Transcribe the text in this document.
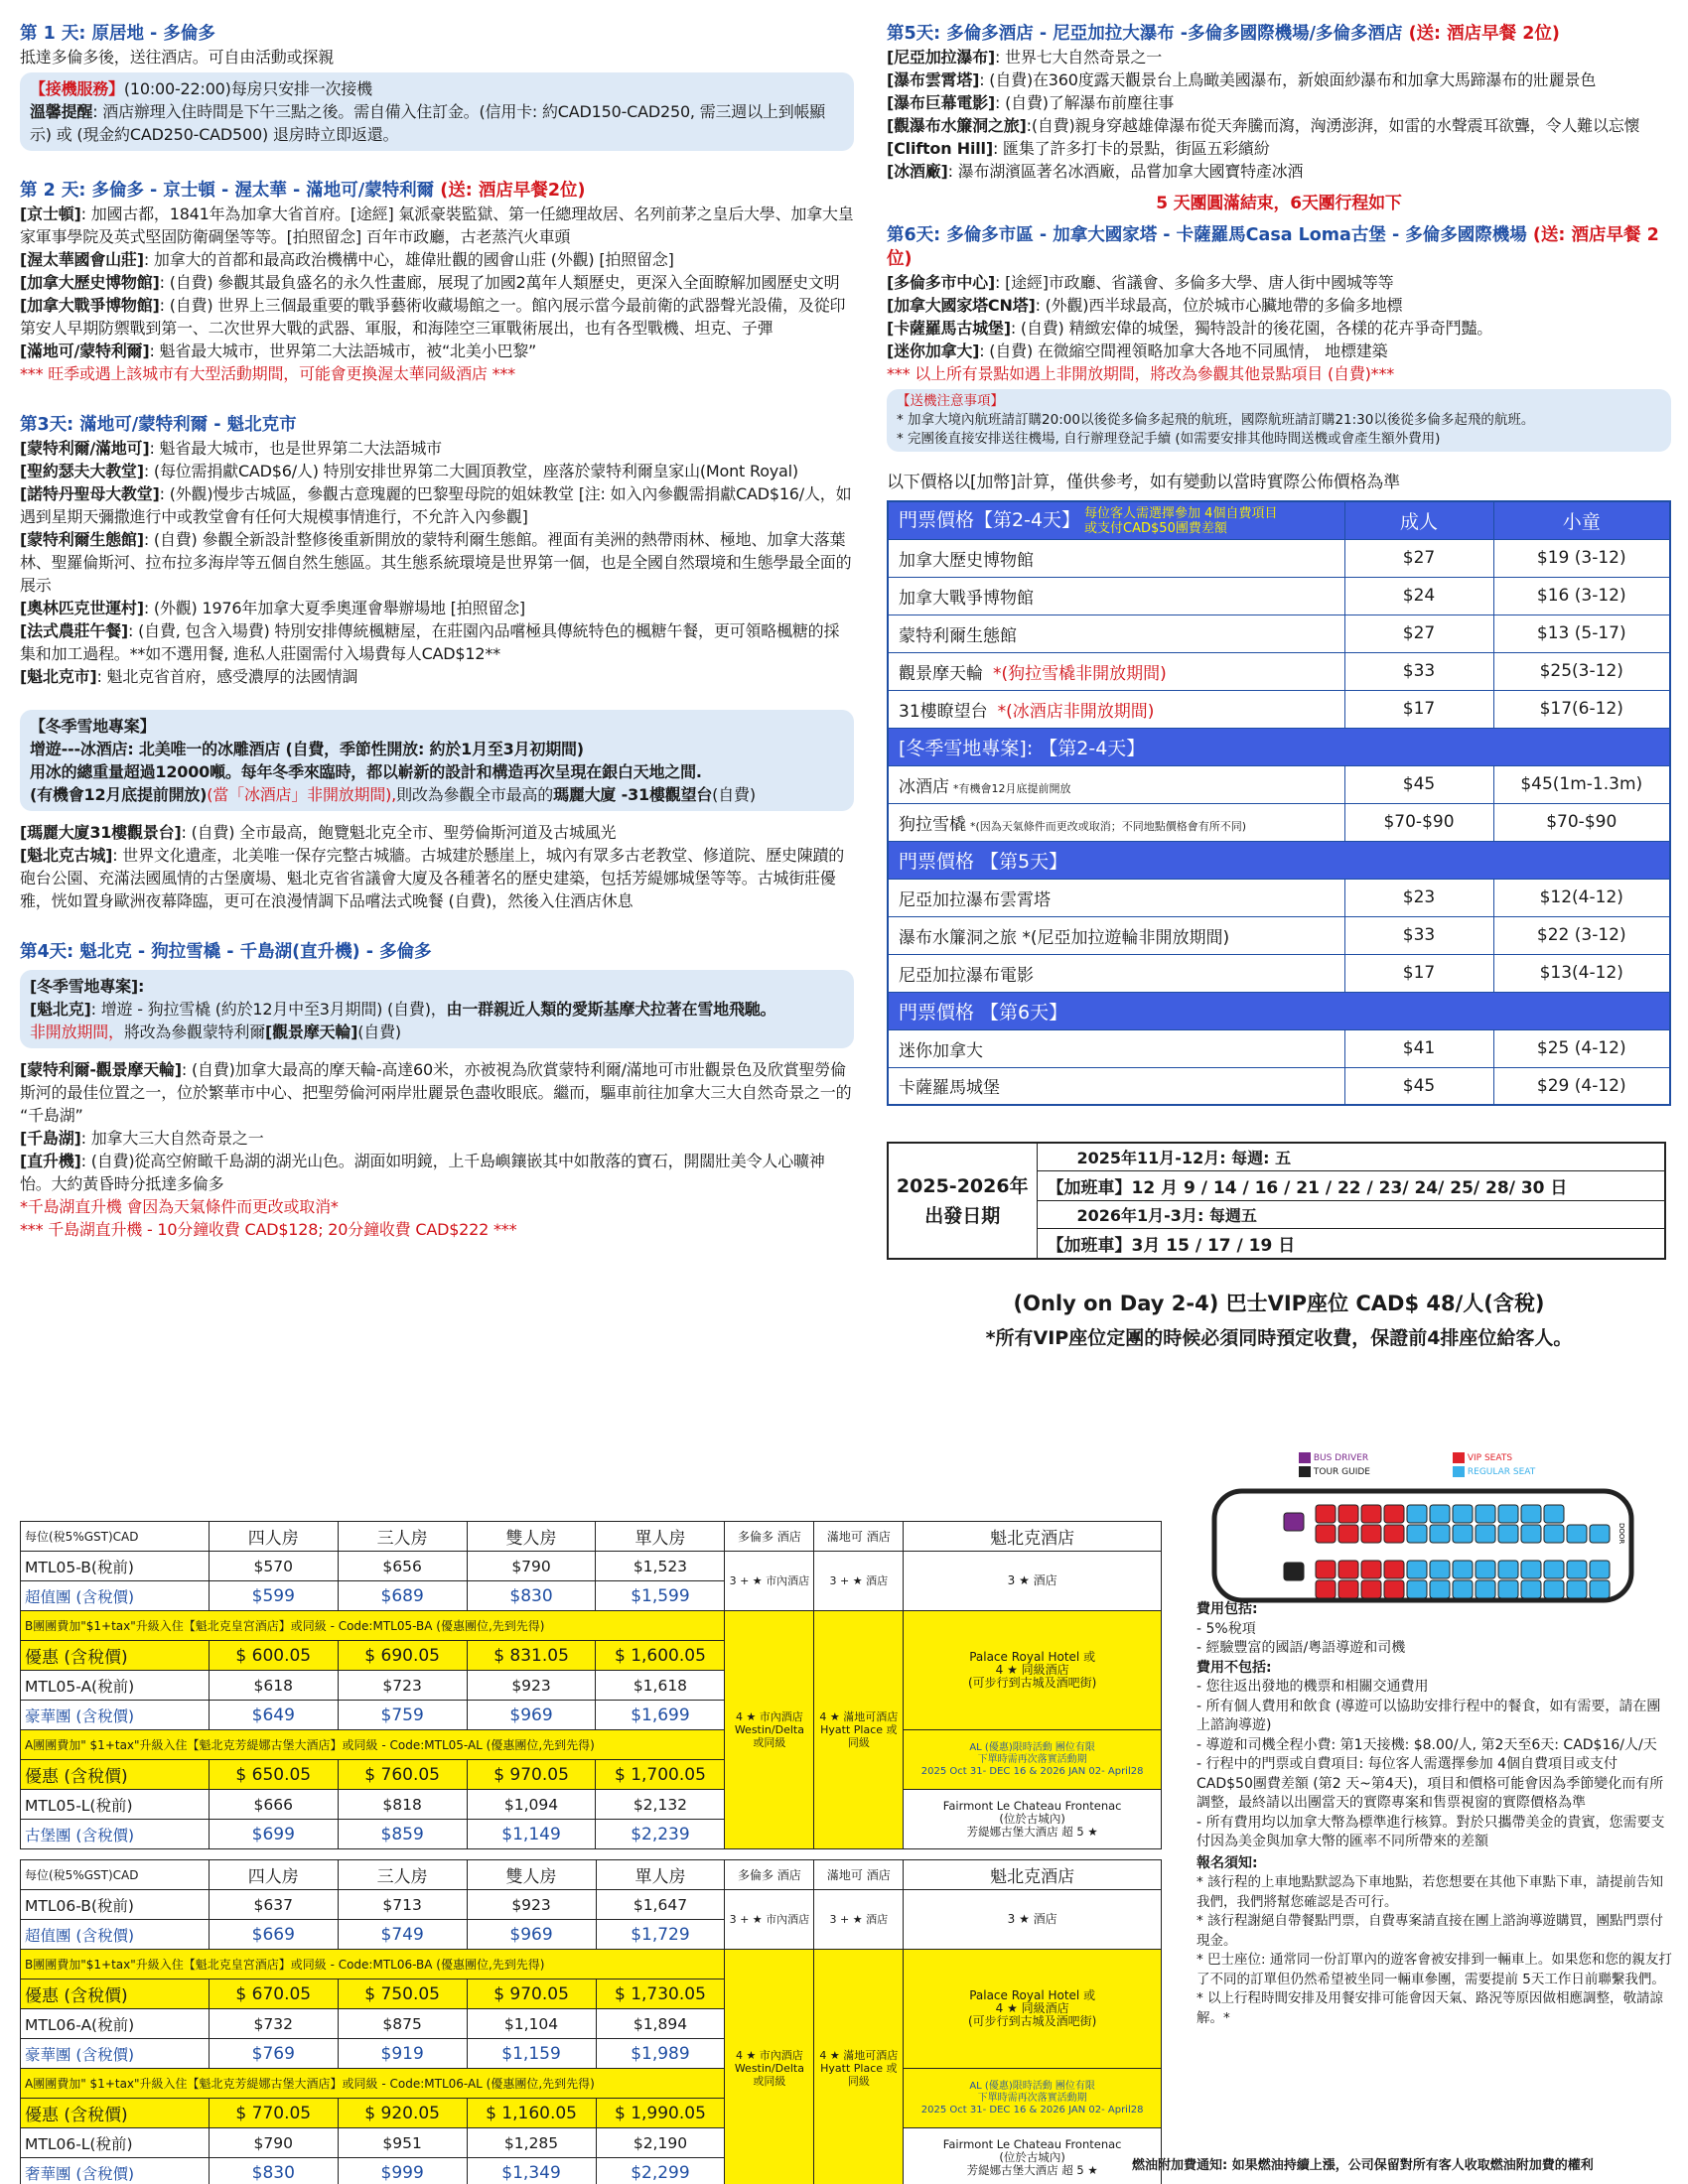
第 1 天: 原居地 - 多倫多
抵達多倫多後，送往酒店。可自由活動或探親
【接機服務】(10:00-22:00)每房只安排一次接機
溫馨提醒: 酒店辦理入住時間是下午三點之後。需自備入住訂金。(信用卡: 約CAD150-CAD250, 需三週以上到帳顯示) 或 (現金約CAD250-CAD500) 退房時立即返還。
第 2 天: 多倫多 - 京士頓 - 渥太華 - 滿地可/蒙特利爾 (送: 酒店早餐2位)
[京士頓]: 加國古都，1841年為加拿大省首府。[途經] 氣派豪裝監獄、第一任總理故居、名列前茅之皇后大學、加拿大皇家軍事學院及英式堅固防衛碉堡等等。[拍照留念] 百年市政廳，古老蒸汽火車頭
[渥太華國會山莊]: 加拿大的首都和最高政治機構中心，雄偉壯觀的國會山莊 (外觀) [拍照留念]
[加拿大歷史博物館]: (自費) 參觀其最負盛名的永久性畫廊，展現了加國2萬年人類歷史，更深入全面瞭解加國歷史文明
[加拿大戰爭博物館]: (自費) 世界上三個最重要的戰爭藝術收藏場館之一。館內展示當今最前衛的武器聲光設備，及從印第安人早期防禦戰到第一、二次世界大戰的武器、軍服，和海陸空三軍戰術展出，也有各型戰機、坦克、子彈
[滿地可/蒙特利爾]: 魁省最大城市，世界第二大法語城市，被“北美小巴黎”
*** 旺季或遇上該城市有大型活動期間，可能會更換渥太華同級酒店 ***
第3天: 滿地可/蒙特利爾 - 魁北克市
[蒙特利爾/滿地可]: 魁省最大城市，也是世界第二大法語城市
[聖約瑟夫大教堂]: (每位需捐獻CAD$6/人) 特別安排世界第二大圓頂教堂，座落於蒙特利爾皇家山(Mont Royal)
[諾特丹聖母大教堂]: (外觀)慢步古城區，參觀古意瑰麗的巴黎聖母院的姐妹教堂 [注: 如入內參觀需捐獻CAD$16/人，如遇到星期天彌撒進行中或教堂會有任何大規模事情進行，不允許入內參觀]
[蒙特利爾生態館]: (自費) 參觀全新設計整修後重新開放的蒙特利爾生態館。裡面有美洲的熱帶雨林、極地、加拿大落葉林、聖羅倫斯河、拉布拉多海岸等五個自然生態區。其生態系統環境是世界第一個，也是全國自然環境和生態學最全面的展示
[奧林匹克世運村]: (外觀) 1976年加拿大夏季奧運會舉辦場地 [拍照留念]
[法式農莊午餐]: (自費, 包含入場費) 特別安排傳統楓糖屋，在莊園內品嚐極具傳統特色的楓糖午餐，更可領略楓糖的採集和加工過程。**如不選用餐, 進私人莊園需付入場費每人CAD$12**
[魁北克市]: 魁北克省首府，感受濃厚的法國情調
【冬季雪地專案】
增遊---冰酒店: 北美唯一的冰雕酒店 (自費，季節性開放: 約於1月至3月初期間)
用冰的總重量超過12000噸。每年冬季來臨時，都以嶄新的設計和構造再次呈現在銀白天地之間.
(有機會12月底提前開放)(當「冰酒店」非開放期間),則改為參觀全市最高的瑪麗大廈 -31樓觀望台(自費)
[瑪麗大廈31樓觀景台]: (自費) 全市最高，飽覽魁北克全市、聖勞倫斯河道及古城風光
[魁北克古城]: 世界文化遺產，北美唯一保存完整古城牆。古城建於懸崖上，城內有眾多古老教堂、修道院、歷史陳蹟的砲台公園、充滿法國風情的古堡廣場、魁北克省省議會大廈及各種著名的歷史建築，包括芳緹娜城堡等等。古城街莊優雅，恍如置身歐洲夜幕降臨，更可在浪漫情調下品嚐法式晚餐 (自費)，然後入住酒店休息
第4天: 魁北克 - 狗拉雪橇 - 千島湖(直升機) - 多倫多
[冬季雪地專案]:
[魁北克]: 增遊 - 狗拉雪橇 (約於12月中至3月期間) (自費)，由一群親近人類的愛斯基摩犬拉著在雪地飛馳。
非開放期間，將改為參觀蒙特利爾[觀景摩天輪](自費)
[蒙特利爾-觀景摩天輪]: (自費)加拿大最高的摩天輪-高達60米，亦被視為欣賞蒙特利爾/滿地可市壯觀景色及欣賞聖勞倫斯河的最佳位置之一，位於繁華市中心、把聖勞倫河兩岸壯麗景色盡收眼底。繼而，驅車前往加拿大三大自然奇景之一的 “千島湖”
[千島湖]: 加拿大三大自然奇景之一
[直升機]: (自費)從高空俯瞰千島湖的湖光山色。湖面如明鏡，上千島嶼鑲嵌其中如散落的寶石，開闊壯美令人心曠神怡。大約黃昏時分抵達多倫多
*千島湖直升機 會因為天氣條件而更改或取消*
*** 千島湖直升機 - 10分鐘收費 CAD$128; 20分鐘收費 CAD$222 ***
每位(稅5%GST)CAD	四人房	三人房	雙人房	單人房	多倫多 酒店	滿地可 酒店	魁北克酒店
MTL05-B(稅前)	$570	$656	$790	$1,523	3 + ★ 市內酒店	3 + ★ 酒店	3 ★ 酒店
超值團 (含稅價)	$599	$689	$830	$1,599			
B團團費加"$1+tax"升級入住【魁北克皇宮酒店】或同級 - Code:MTL05-BA (優惠團位,先到先得)					4 ★ 市內酒店 Westin/Delta 或同級	4 ★ 滿地可酒店 Hyatt Place 或同級	Palace Royal Hotel 或
4 ★ 同級酒店
(可步行到古城及酒吧街)

優惠 (含稅價)	$ 600.05	$ 690.05	$ 831.05	$ 1,600.05			
MTL05-A(稅前)	$618	$723	$923	$1,618			
豪華團 (含稅價)	$649	$759	$969	$1,699			
A團團費加" $1+tax"升級入住【魁北克芳緹娜古堡大酒店】或同級 - Code:MTL05-AL (優惠團位,先到先得)							AL (優惠)限時活動 團位有限
下單時需再次落實活動期
2025 Oct 31- DEC 16 & 2026 JAN 02- April28

優惠 (含稅價)	$ 650.05	$ 760.05	$ 970.05	$ 1,700.05			
MTL05-L(稅前)	$666	$818	$1,094	$2,132			Fairmont Le Chateau Frontenac
(位於古城內)
芳緹娜古堡大酒店 超 5 ★

古堡團 (含稅價)	$699	$859	$1,149	$2,239			
每位(稅5%GST)CAD	四人房	三人房	雙人房	單人房	多倫多 酒店	滿地可 酒店	魁北克酒店
MTL06-B(稅前)	$637	$713	$923	$1,647	3 + ★ 市內酒店	3 + ★ 酒店	3 ★ 酒店
超值團 (含稅價)	$669	$749	$969	$1,729			
B團團費加"$1+tax"升級入住【魁北克皇宮酒店】或同級 - Code:MTL06-BA (優惠團位,先到先得)					4 ★ 市內酒店 Westin/Delta 或同級	4 ★ 滿地可酒店 Hyatt Place 或同級	Palace Royal Hotel 或
4 ★ 同級酒店
(可步行到古城及酒吧街)

優惠 (含稅價)	$ 670.05	$ 750.05	$ 970.05	$ 1,730.05			
MTL06-A(稅前)	$732	$875	$1,104	$1,894			
豪華團 (含稅價)	$769	$919	$1,159	$1,989			
A團團費加" $1+tax"升級入住【魁北克芳緹娜古堡大酒店】或同級 - Code:MTL06-AL (優惠團位,先到先得)							AL (優惠)限時活動 團位有限
下單時需再次落實活動期
2025 Oct 31- DEC 16 & 2026 JAN 02- April28

優惠 (含稅價)	$ 770.05	$ 920.05	$ 1,160.05	$ 1,990.05			
MTL06-L(稅前)	$790	$951	$1,285	$2,190			Fairmont Le Chateau Frontenac
(位於古城內)
芳緹娜古堡大酒店 超 5 ★

奢華團 (含稅價)	$830	$999	$1,349	$2,299			
第5天: 多倫多酒店 - 尼亞加拉大瀑布 -多倫多國際機場/多倫多酒店 (送: 酒店早餐 2位)
[尼亞加拉瀑布]: 世界七大自然奇景之一
[瀑布雲霄塔]: (自費)在360度露天觀景台上鳥瞰美國瀑布，新娘面紗瀑布和加拿大馬蹄瀑布的壯麗景色
[瀑布巨幕電影]: (自費)了解瀑布前塵往事
[觀瀑布水簾洞之旅]:(自費)親身穿越雄偉瀑布從天奔騰而瀉，洶湧澎湃，如雷的水聲震耳欲聾，令人難以忘懷
[Clifton Hill]: 匯集了許多打卡的景點，街區五彩繽紛
[冰酒廠]: 瀑布湖濱區著名冰酒廠，品嘗加拿大國寶特產冰酒
5 天團圓滿結束，6天團行程如下
第6天: 多倫多市區 - 加拿大國家塔 - 卡薩羅馬Casa Loma古堡 - 多倫多國際機場 (送: 酒店早餐 2位)
[多倫多市中心]: [途經]市政廳、省議會、多倫多大學、唐人街中國城等等
[加拿大國家塔CN塔]: (外觀)西半球最高，位於城市心臟地帶的多倫多地標
[卡薩羅馬古城堡]: (自費) 精緻宏偉的城堡，獨特設計的後花園，各樣的花卉爭奇鬥豔。
[迷你加拿大]: (自費) 在微縮空間裡領略加拿大各地不同風情， 地標建築
*** 以上所有景點如遇上非開放期間，將改為參觀其他景點項目 (自費)***
【送機注意事項】
* 加拿大境內航班請訂購20:00以後從多倫多起飛的航班，國際航班請訂購21:30以後從多倫多起飛的航班。
* 完團後直接安排送往機場, 自行辦理登記手續 (如需要安排其他時間送機或會產生額外費用)
以下價格以[加幣]計算，僅供參考，如有變動以當時實際公佈價格為準
門票價格【第2-4天】 每位客人需選擇參加 4個自費項目 或支付CAD$50團費差額	成人	小童
加拿大歷史博物館	$27	$19 (3-12)
加拿大戰爭博物館	$24	$16 (3-12)
蒙特利爾生態館	$27	$13 (5-17)
觀景摩天輪 *(狗拉雪橇非開放期間)	$33	$25(3-12)
31樓瞭望台 *(冰酒店非開放期間)	$17	$17(6-12)
[冬季雪地專案]: 【第2-4天】		
冰酒店 *有機會12月底提前開放	$45	$45(1m-1.3m)
狗拉雪橇 *(因為天氣條件而更改或取消；不同地點價格會有所不同)	$70-$90	$70-$90
門票價格 【第5天】		
尼亞加拉瀑布雲霄塔	$23	$12(4-12)
瀑布水簾洞之旅 *(尼亞加拉遊輪非開放期間)	$33	$22 (3-12)
尼亞加拉瀑布電影	$17	$13(4-12)
門票價格 【第6天】		
迷你加拿大	$41	$25 (4-12)
卡薩羅馬城堡	$45	$29 (4-12)
2025-2026年
出發日期
	2025年11月-12月: 每週: 五
【加班車】12 月 9 / 14 / 16 / 21 / 22 / 23/ 24/ 25/ 28/ 30 日
2026年1月-3月: 每週五
【加班車】3月 15 / 17 / 19 日
(Only on Day 2-4) 巴士VIP座位 CAD$ 48/人(含稅)
*所有VIP座位定團的時候必須同時預定收費，保證前4排座位給客人。
BUS DRIVER
TOUR GUIDE
VIP SEATS
REGULAR SEAT
DOOR
費用包括:
- 5%稅項
- 經驗豐富的國語/粵語導遊和司機
費用不包括:
- 您往返出發地的機票和相關交通費用
- 所有個人費用和飲食 (導遊可以協助安排行程中的餐食，如有需要，請在團上諮詢導遊)
- 導遊和司機全程小費: 第1天接機: $8.00/人, 第2天至6天: CAD$16/人/天
- 行程中的門票或自費項目: 每位客人需選擇參加 4個自費項目或支付CAD$50團費差額 (第2 天~第4天)，項目和價格可能會因為季節變化而有所調整，最終請以出團當天的實際專案和售票視窗的實際價格為準
- 所有費用均以加拿大幣為標準進行核算。對於只攜帶美金的貴賓，您需要支付因為美金與加拿大幣的匯率不同所帶來的差額
報名須知:
* 該行程的上車地點默認為下車地點，若您想要在其他下車點下車，請提前告知我們，我們將幫您確認是否可行。
* 該行程謝絕自帶餐點門票，自費專案請直接在團上諮詢導遊購買，團點門票付現金。
* 巴士座位: 通常同一份訂單內的遊客會被安排到一輛車上。如果您和您的親友打了不同的訂單但仍然希望被坐同一輛車參團，需要提前 5天工作日前聯繫我們。
* 以上行程時間安排及用餐安排可能會因天氣、路況等原因做相應調整，敬請諒解。*
燃油附加費通知: 如果燃油持續上漲，公司保留對所有客人收取燃油附加費的權利
